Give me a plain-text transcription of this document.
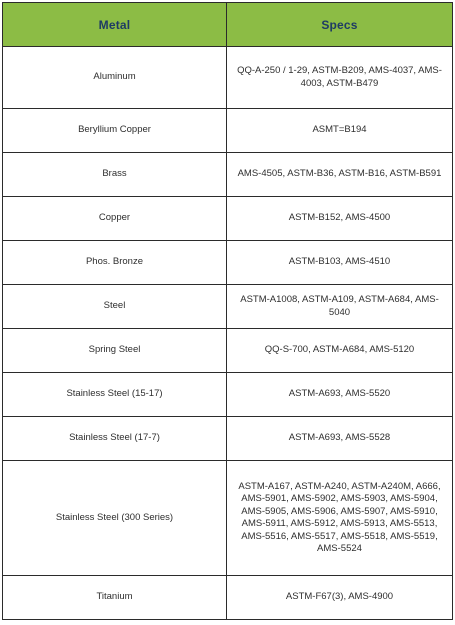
Metal	Specs
Aluminum	QQ-A-250 / 1-29, ASTM-B209, AMS-4037, AMS-4003, ASTM-B479
Beryllium Copper	ASMT=B194
Brass	AMS-4505, ASTM-B36, ASTM-B16, ASTM-B591
Copper	ASTM-B152, AMS-4500
Phos. Bronze	ASTM-B103, AMS-4510
Steel	ASTM-A1008, ASTM-A109, ASTM-A684, AMS-5040
Spring Steel	QQ-S-700, ASTM-A684, AMS-5120
Stainless Steel (15-17)	ASTM-A693, AMS-5520
Stainless Steel (17-7)	ASTM-A693, AMS-5528
Stainless Steel (300 Series)	ASTM-A167, ASTM-A240, ASTM-A240M, A666, AMS-5901, AMS-5902, AMS-5903, AMS-5904, AMS-5905, AMS-5906, AMS-5907, AMS-5910, AMS-5911, AMS-5912, AMS-5913, AMS-5513, AMS-5516, AMS-5517, AMS-5518, AMS-5519, AMS-5524
Titanium	ASTM-F67(3), AMS-4900
